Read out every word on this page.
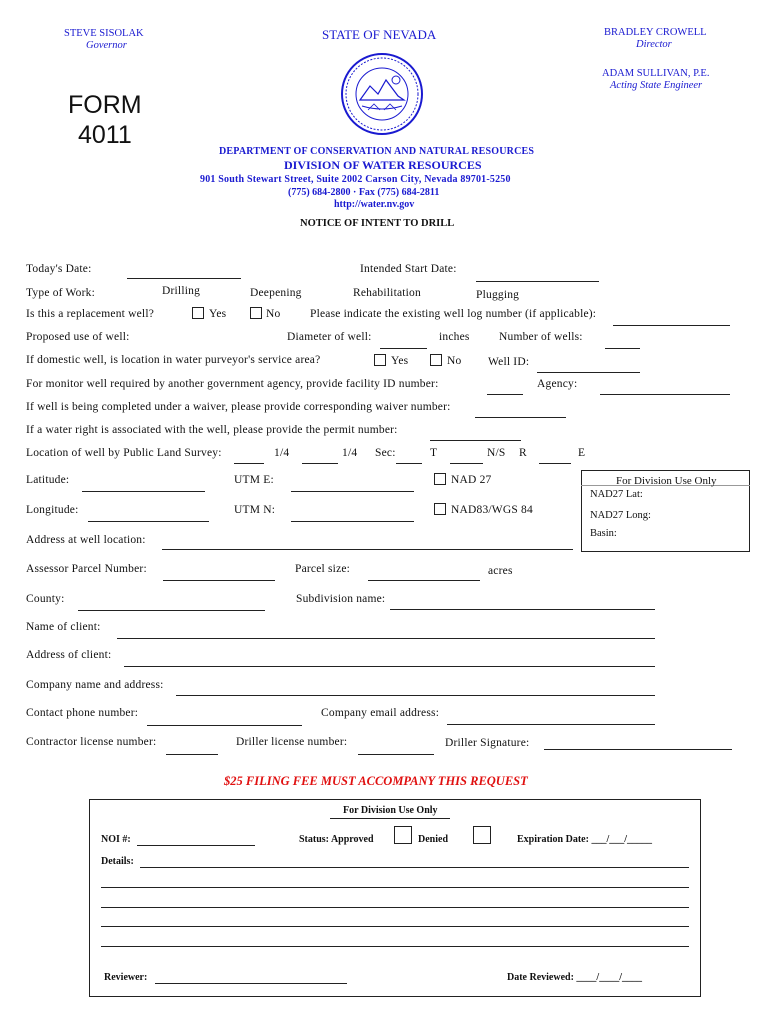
STEVE SISOLAK
Governor
STATE OF NEVADA	BRADLEY CROWELL
Director
ADAM SULLIVAN, P.E.
Acting State Engineer
FORM
4011
DEPARTMENT OF CONSERVATION AND NATURAL RESOURCES
DIVISION OF WATER RESOURCES
901 South Stewart Street, Suite 2002 Carson City, Nevada 89701-5250
(775) 684-2800 · Fax (775) 684-2811
http://water.nv.gov
NOTICE OF INTENT TO DRILL
Today's Date:	Intended Start Date:
Type of Work:	Drilling	Deepening	Rehabilitation	Plugging
Is this a replacement well?	Yes	No	Please indicate the existing well log number (if applicable):
Proposed use of well:	Diameter of well:	inches	Number of wells:
If domestic well, is location in water purveyor's service area?	Yes	No Well ID:
For monitor well required by another government agency, provide facility ID number:	Agency:
If well is being completed under a waiver, please provide corresponding waiver number:
If a water right is associated with the well, please provide the permit number:
Location of well by Public Land Survey:	1/4	1/4 Sec:	T	N/S R	E
Latitude:	UTM E:	NAD 27
Longitude:	UTM N:	NAD83/WGS 84
For Division Use Only
NAD27 Lat:
NAD27 Long:
Basin:
Address at well location:
Assessor Parcel Number:	Parcel size:	acres
County:	Subdivision name:
Name of client:
Address of client:
Company name and address:
Contact phone number:	Company email address:
Contractor license number:	Driller license number:	Driller Signature:
$25 FILING FEE MUST ACCOMPANY THIS REQUEST
For Division Use Only
NOI #:	Status: Approved	Denied	Expiration Date: ___/___/_____
Details:
Reviewer:	Date Reviewed: ____/____/____
